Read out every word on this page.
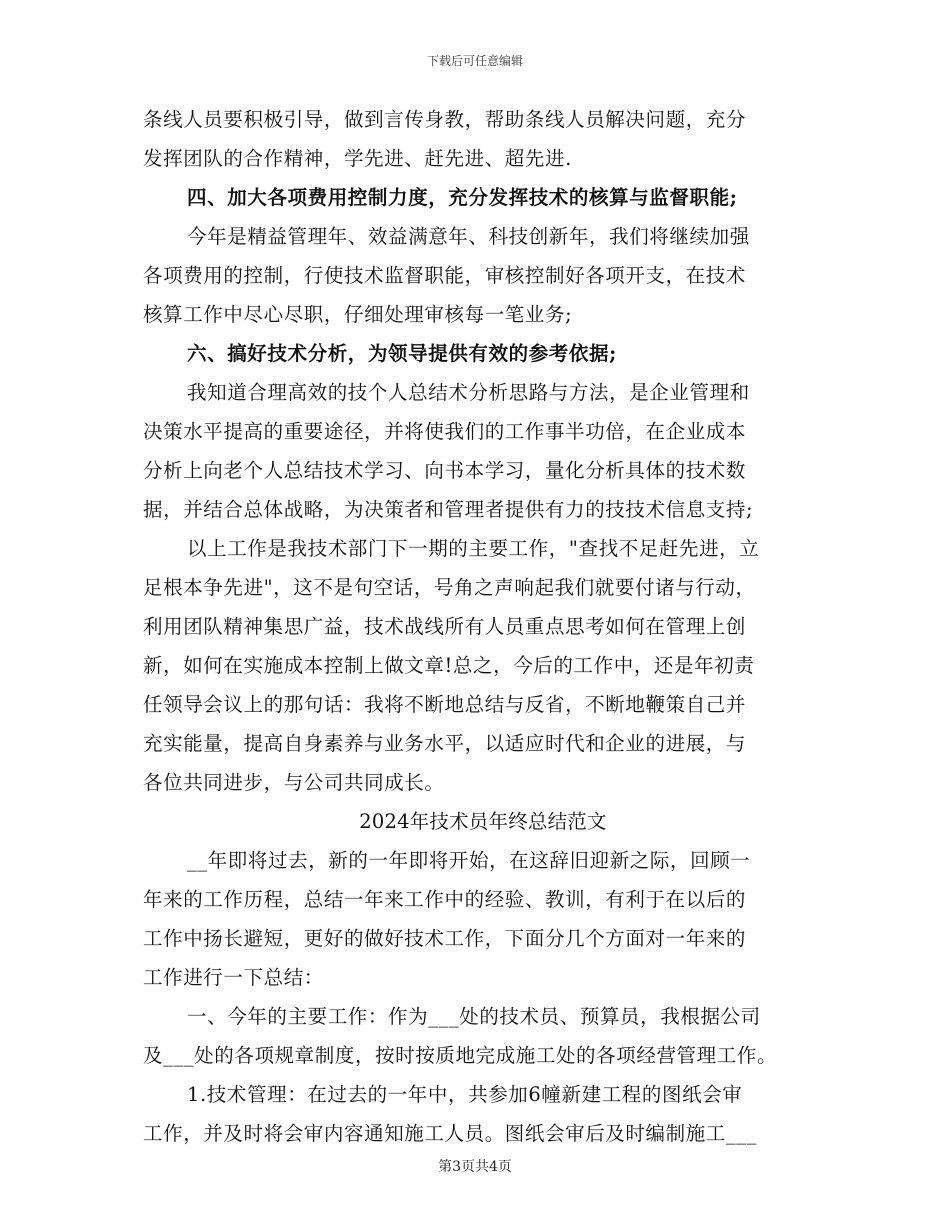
下载后可任意编辑
条线人员要积极引导，做到言传身教，帮助条线人员解决问题，充分
发挥团队的合作精神，学先进、赶先进、超先进.
四、加大各项费用控制力度，充分发挥技术的核算与监督职能;
今年是精益管理年、效益满意年、科技创新年，我们将继续加强
各项费用的控制，行使技术监督职能，审核控制好各项开支，在技术
核算工作中尽心尽职，仔细处理审核每一笔业务;
六、搞好技术分析，为领导提供有效的参考依据;
我知道合理高效的技个人总结术分析思路与方法，是企业管理和
决策水平提高的重要途径，并将使我们的工作事半功倍，在企业成本
分析上向老个人总结技术学习、向书本学习，量化分析具体的技术数
据，并结合总体战略，为决策者和管理者提供有力的技技术信息支持;
以上工作是我技术部门下一期的主要工作，"查找不足赶先进，立
足根本争先进"，这不是句空话，号角之声响起我们就要付诸与行动，
利用团队精神集思广益，技术战线所有人员重点思考如何在管理上创
新，如何在实施成本控制上做文章!总之，今后的工作中，还是年初责
任领导会议上的那句话：我将不断地总结与反省，不断地鞭策自己并
充实能量，提高自身素养与业务水平，以适应时代和企业的进展，与
各位共同进步，与公司共同成长。
2024年技术员年终总结范文
__年即将过去，新的一年即将开始，在这辞旧迎新之际，回顾一
年来的工作历程，总结一年来工作中的经验、教训，有利于在以后的
工作中扬长避短，更好的做好技术工作，下面分几个方面对一年来的
工作进行一下总结：
一、今年的主要工作：作为___处的技术员、预算员，我根据公司
及___处的各项规章制度，按时按质地完成施工处的各项经营管理工作。
1.技术管理：在过去的一年中，共参加6幢新建工程的图纸会审
工作，并及时将会审内容通知施工人员。图纸会审后及时编制施工___
第3页共4页
